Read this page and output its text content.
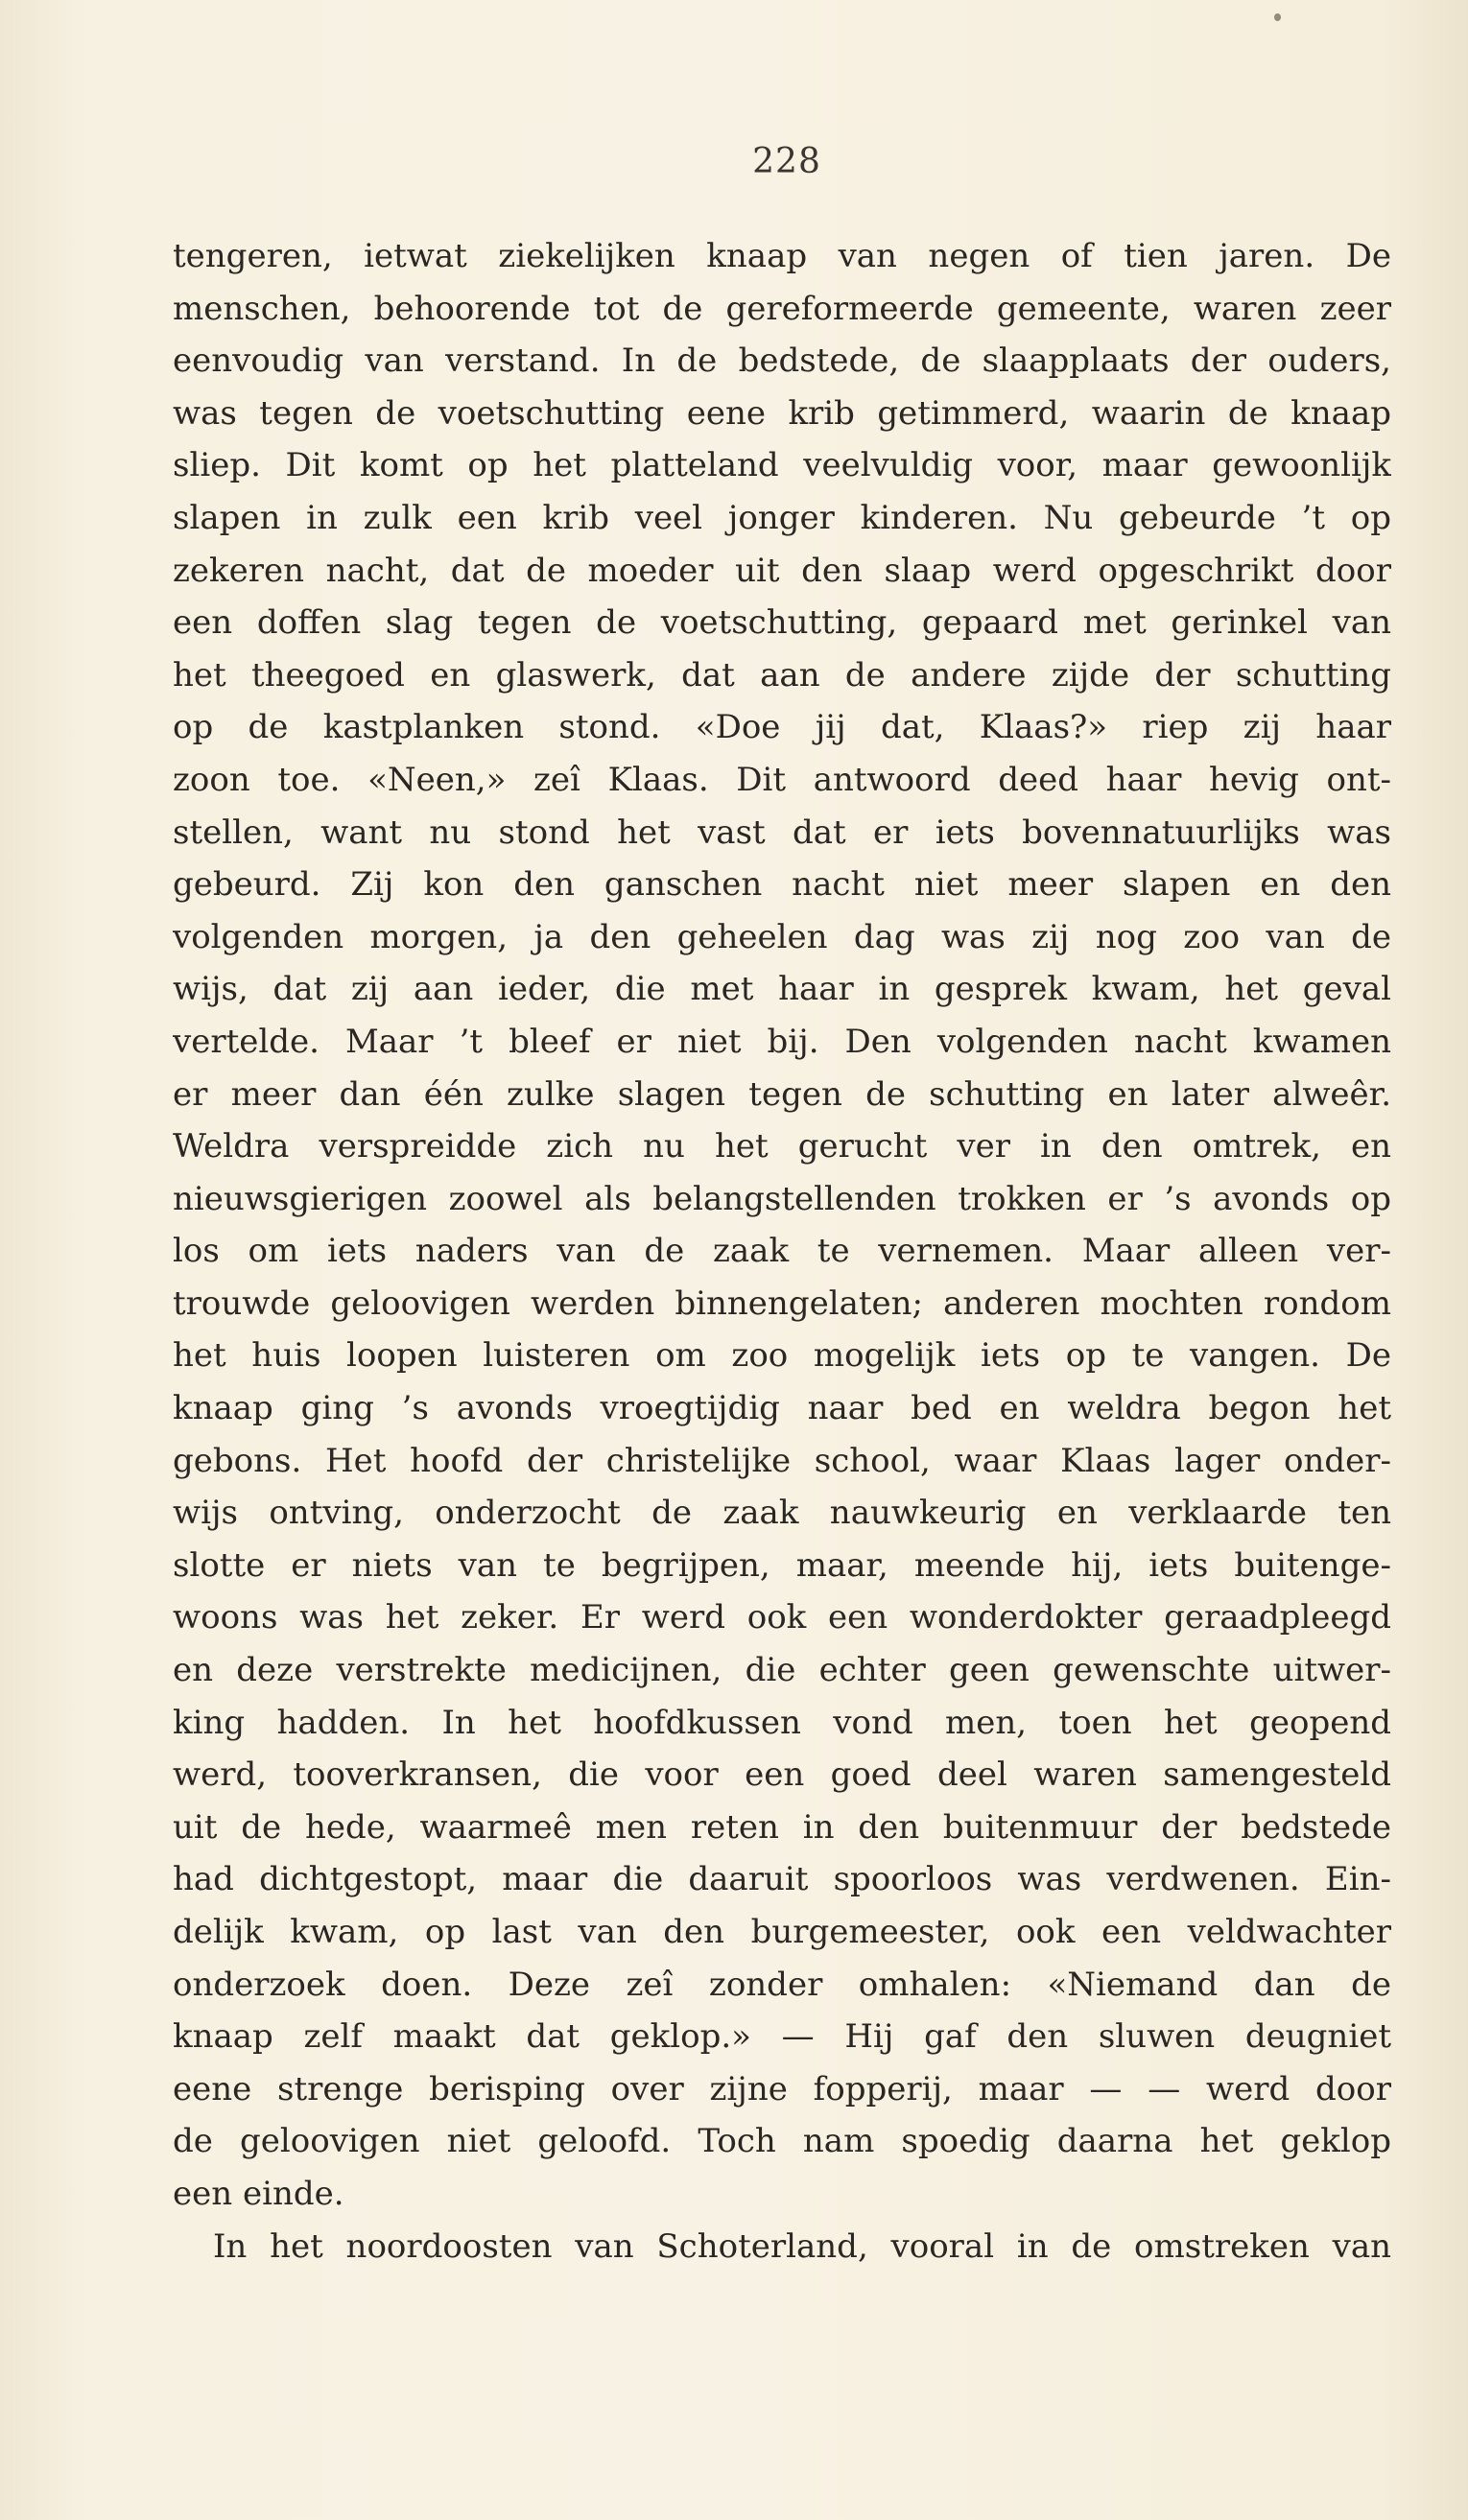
228
tengeren, ietwat ziekelijken knaap van negen of tien jaren. De
menschen, behoorende tot de gereformeerde gemeente, waren zeer
eenvoudig van verstand. In de bedstede, de slaapplaats der ouders,
was tegen de voetschutting eene krib getimmerd, waarin de knaap
sliep. Dit komt op het platteland veelvuldig voor, maar gewoonlijk
slapen in zulk een krib veel jonger kinderen. Nu gebeurde ’t op
zekeren nacht, dat de moeder uit den slaap werd opgeschrikt door
een doffen slag tegen de voetschutting, gepaard met gerinkel van
het theegoed en glaswerk, dat aan de andere zijde der schutting
op de kastplanken stond. «Doe jij dat, Klaas?» riep zij haar
zoon toe. «Neen,» zeî Klaas. Dit antwoord deed haar hevig ont-
stellen, want nu stond het vast dat er iets bovennatuurlijks was
gebeurd. Zij kon den ganschen nacht niet meer slapen en den
volgenden morgen, ja den geheelen dag was zij nog zoo van de
wijs, dat zij aan ieder, die met haar in gesprek kwam, het geval
vertelde. Maar ’t bleef er niet bij. Den volgenden nacht kwamen
er meer dan één zulke slagen tegen de schutting en later alweêr.
Weldra verspreidde zich nu het gerucht ver in den omtrek, en
nieuwsgierigen zoowel als belangstellenden trokken er ’s avonds op
los om iets naders van de zaak te vernemen. Maar alleen ver-
trouwde geloovigen werden binnengelaten; anderen mochten rondom
het huis loopen luisteren om zoo mogelijk iets op te vangen. De
knaap ging ’s avonds vroegtijdig naar bed en weldra begon het
gebons. Het hoofd der christelijke school, waar Klaas lager onder-
wijs ontving, onderzocht de zaak nauwkeurig en verklaarde ten
slotte er niets van te begrijpen, maar, meende hij, iets buitenge-
woons was het zeker. Er werd ook een wonderdokter geraadpleegd
en deze verstrekte medicijnen, die echter geen gewenschte uitwer-
king hadden. In het hoofdkussen vond men, toen het geopend
werd, tooverkransen, die voor een goed deel waren samengesteld
uit de hede, waarmeê men reten in den buitenmuur der bedstede
had dichtgestopt, maar die daaruit spoorloos was verdwenen. Ein-
delijk kwam, op last van den burgemeester, ook een veldwachter
onderzoek doen. Deze zeî zonder omhalen: «Niemand dan de
knaap zelf maakt dat geklop.» — Hij gaf den sluwen deugniet
eene strenge berisping over zijne fopperij, maar — — werd door
de geloovigen niet geloofd. Toch nam spoedig daarna het geklop
een einde.
In het noordoosten van Schoterland, vooral in de omstreken van
